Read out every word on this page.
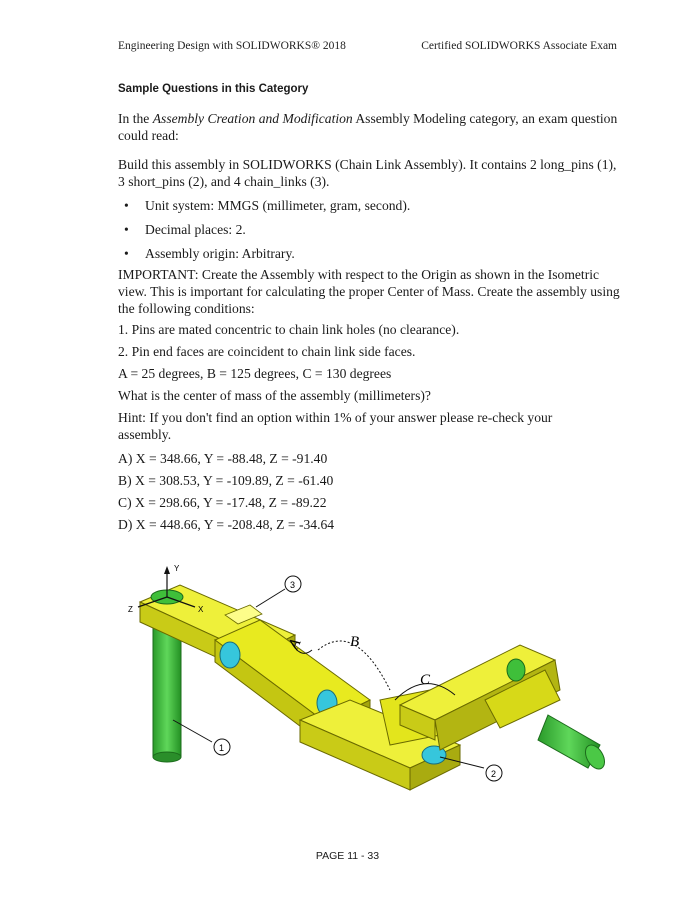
Engineering Design with SOLIDWORKS® 2018	Certified SOLIDWORKS Associate Exam
Sample Questions in this Category
In the Assembly Creation and Modification Assembly Modeling category, an exam question could read:
Build this assembly in SOLIDWORKS (Chain Link Assembly). It contains 2 long_pins (1), 3 short_pins (2), and 4 chain_links (3).
• Unit system: MMGS (millimeter, gram, second).
• Decimal places: 2.
• Assembly origin: Arbitrary.
IMPORTANT: Create the Assembly with respect to the Origin as shown in the Isometric view. This is important for calculating the proper Center of Mass. Create the assembly using the following conditions:
1. Pins are mated concentric to chain link holes (no clearance).
2. Pin end faces are coincident to chain link side faces.
A = 25 degrees, B = 125 degrees, C = 130 degrees
What is the center of mass of the assembly (millimeters)?
Hint: If you don't find an option within 1% of your answer please re-check your assembly.
A) X = 348.66, Y = -88.48, Z = -91.40
B) X = 308.53, Y = -109.89, Z = -61.40
C) X = 298.66, Y = -17.48, Z = -89.22
D) X = 448.66, Y = -208.48, Z = -34.64
Y
X
Z
A	B
C
1
2
3
PAGE 11 - 33
